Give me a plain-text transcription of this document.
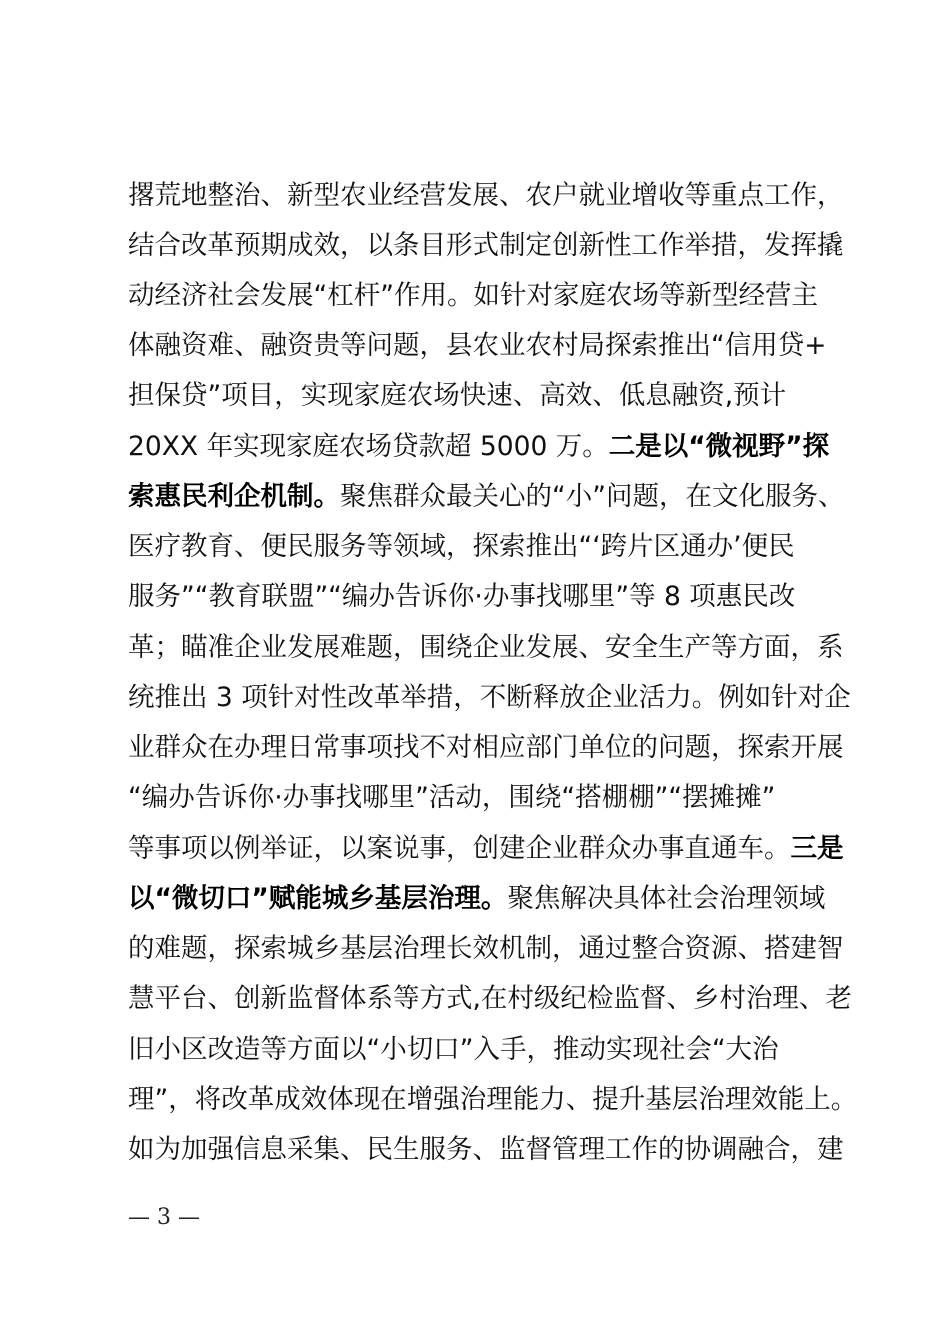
撂荒地整治、新型农业经营发展、农户就业增收等重点工作，
结合改革预期成效，以条目形式制定创新性工作举措，发挥撬
动经济社会发展“杠杆”作用。如针对家庭农场等新型经营主
体融资难、融资贵等问题，县农业农村局探索推出“信用贷+
担保贷”项目，实现家庭农场快速、高效、低息融资,预计
20XX 年实现家庭农场贷款超 5000 万。二是以“微视野”探
索惠民利企机制。聚焦群众最关心的“小”问题，在文化服务、
医疗教育、便民服务等领域，探索推出“‘跨片区通办’便民
服务”“教育联盟”“编办告诉你·办事找哪里”等 8 项惠民改
革；瞄准企业发展难题，围绕企业发展、安全生产等方面，系
统推出 3 项针对性改革举措，不断释放企业活力。例如针对企
业群众在办理日常事项找不对相应部门单位的问题，探索开展
“编办告诉你·办事找哪里”活动，围绕“搭棚棚”“摆摊摊”
等事项以例举证，以案说事，创建企业群众办事直通车。三是
以“微切口”赋能城乡基层治理。聚焦解决具体社会治理领域
的难题，探索城乡基层治理长效机制，通过整合资源、搭建智
慧平台、创新监督体系等方式,在村级纪检监督、乡村治理、老
旧小区改造等方面以“小切口”入手，推动实现社会“大治
理”，将改革成效体现在增强治理能力、提升基层治理效能上。
如为加强信息采集、民生服务、监督管理工作的协调融合，建
— 3 —
